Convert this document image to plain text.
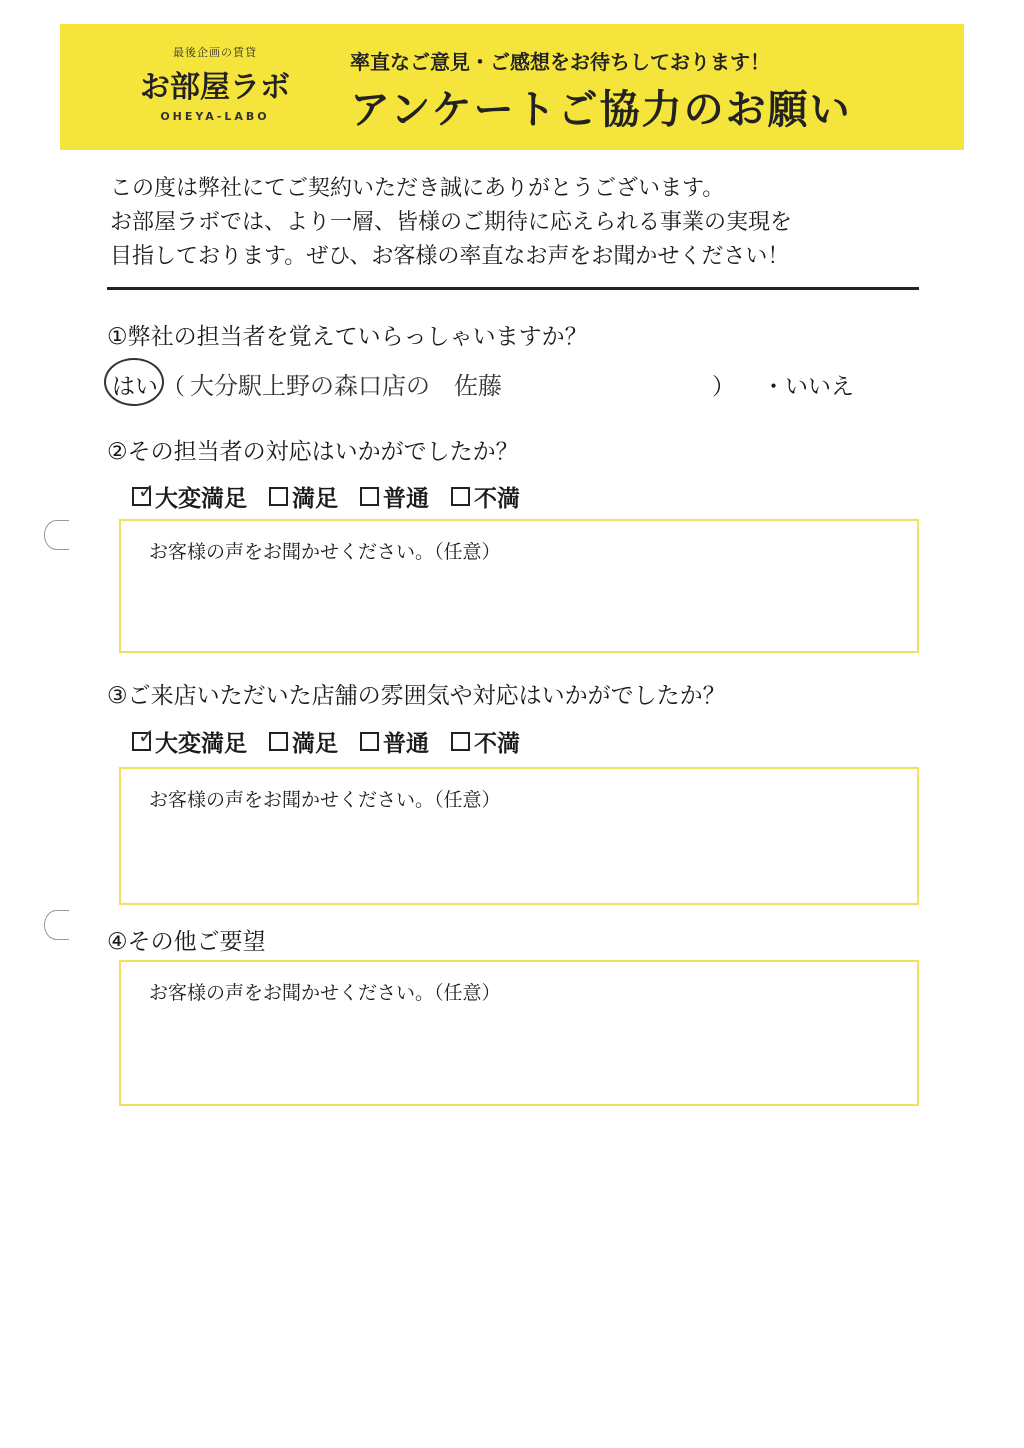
最後企画の賃貸
お部屋ラボ
OHEYA-LABO
率直なご意見・ご感想をお待ちしております！
アンケートご協力のお願い
この度は弊社にてご契約いただき誠にありがとうございます。
お部屋ラボでは、より一層、皆様のご期待に応えられる事業の実現を
目指しております。ぜひ、お客様の率直なお声をお聞かせください！
①弊社の担当者を覚えていらっしゃいますか？
はい （ 大分駅上野の森口店の　佐藤	） ・いいえ
②その担当者の対応はいかがでしたか？
✓ 大変満足 満足 普通 不満
お客様の声をお聞かせください。（任意）
③ご来店いただいた店舗の雰囲気や対応はいかがでしたか？
✓ 大変満足 満足 普通 不満
お客様の声をお聞かせください。（任意）
④その他ご要望
お客様の声をお聞かせください。（任意）
